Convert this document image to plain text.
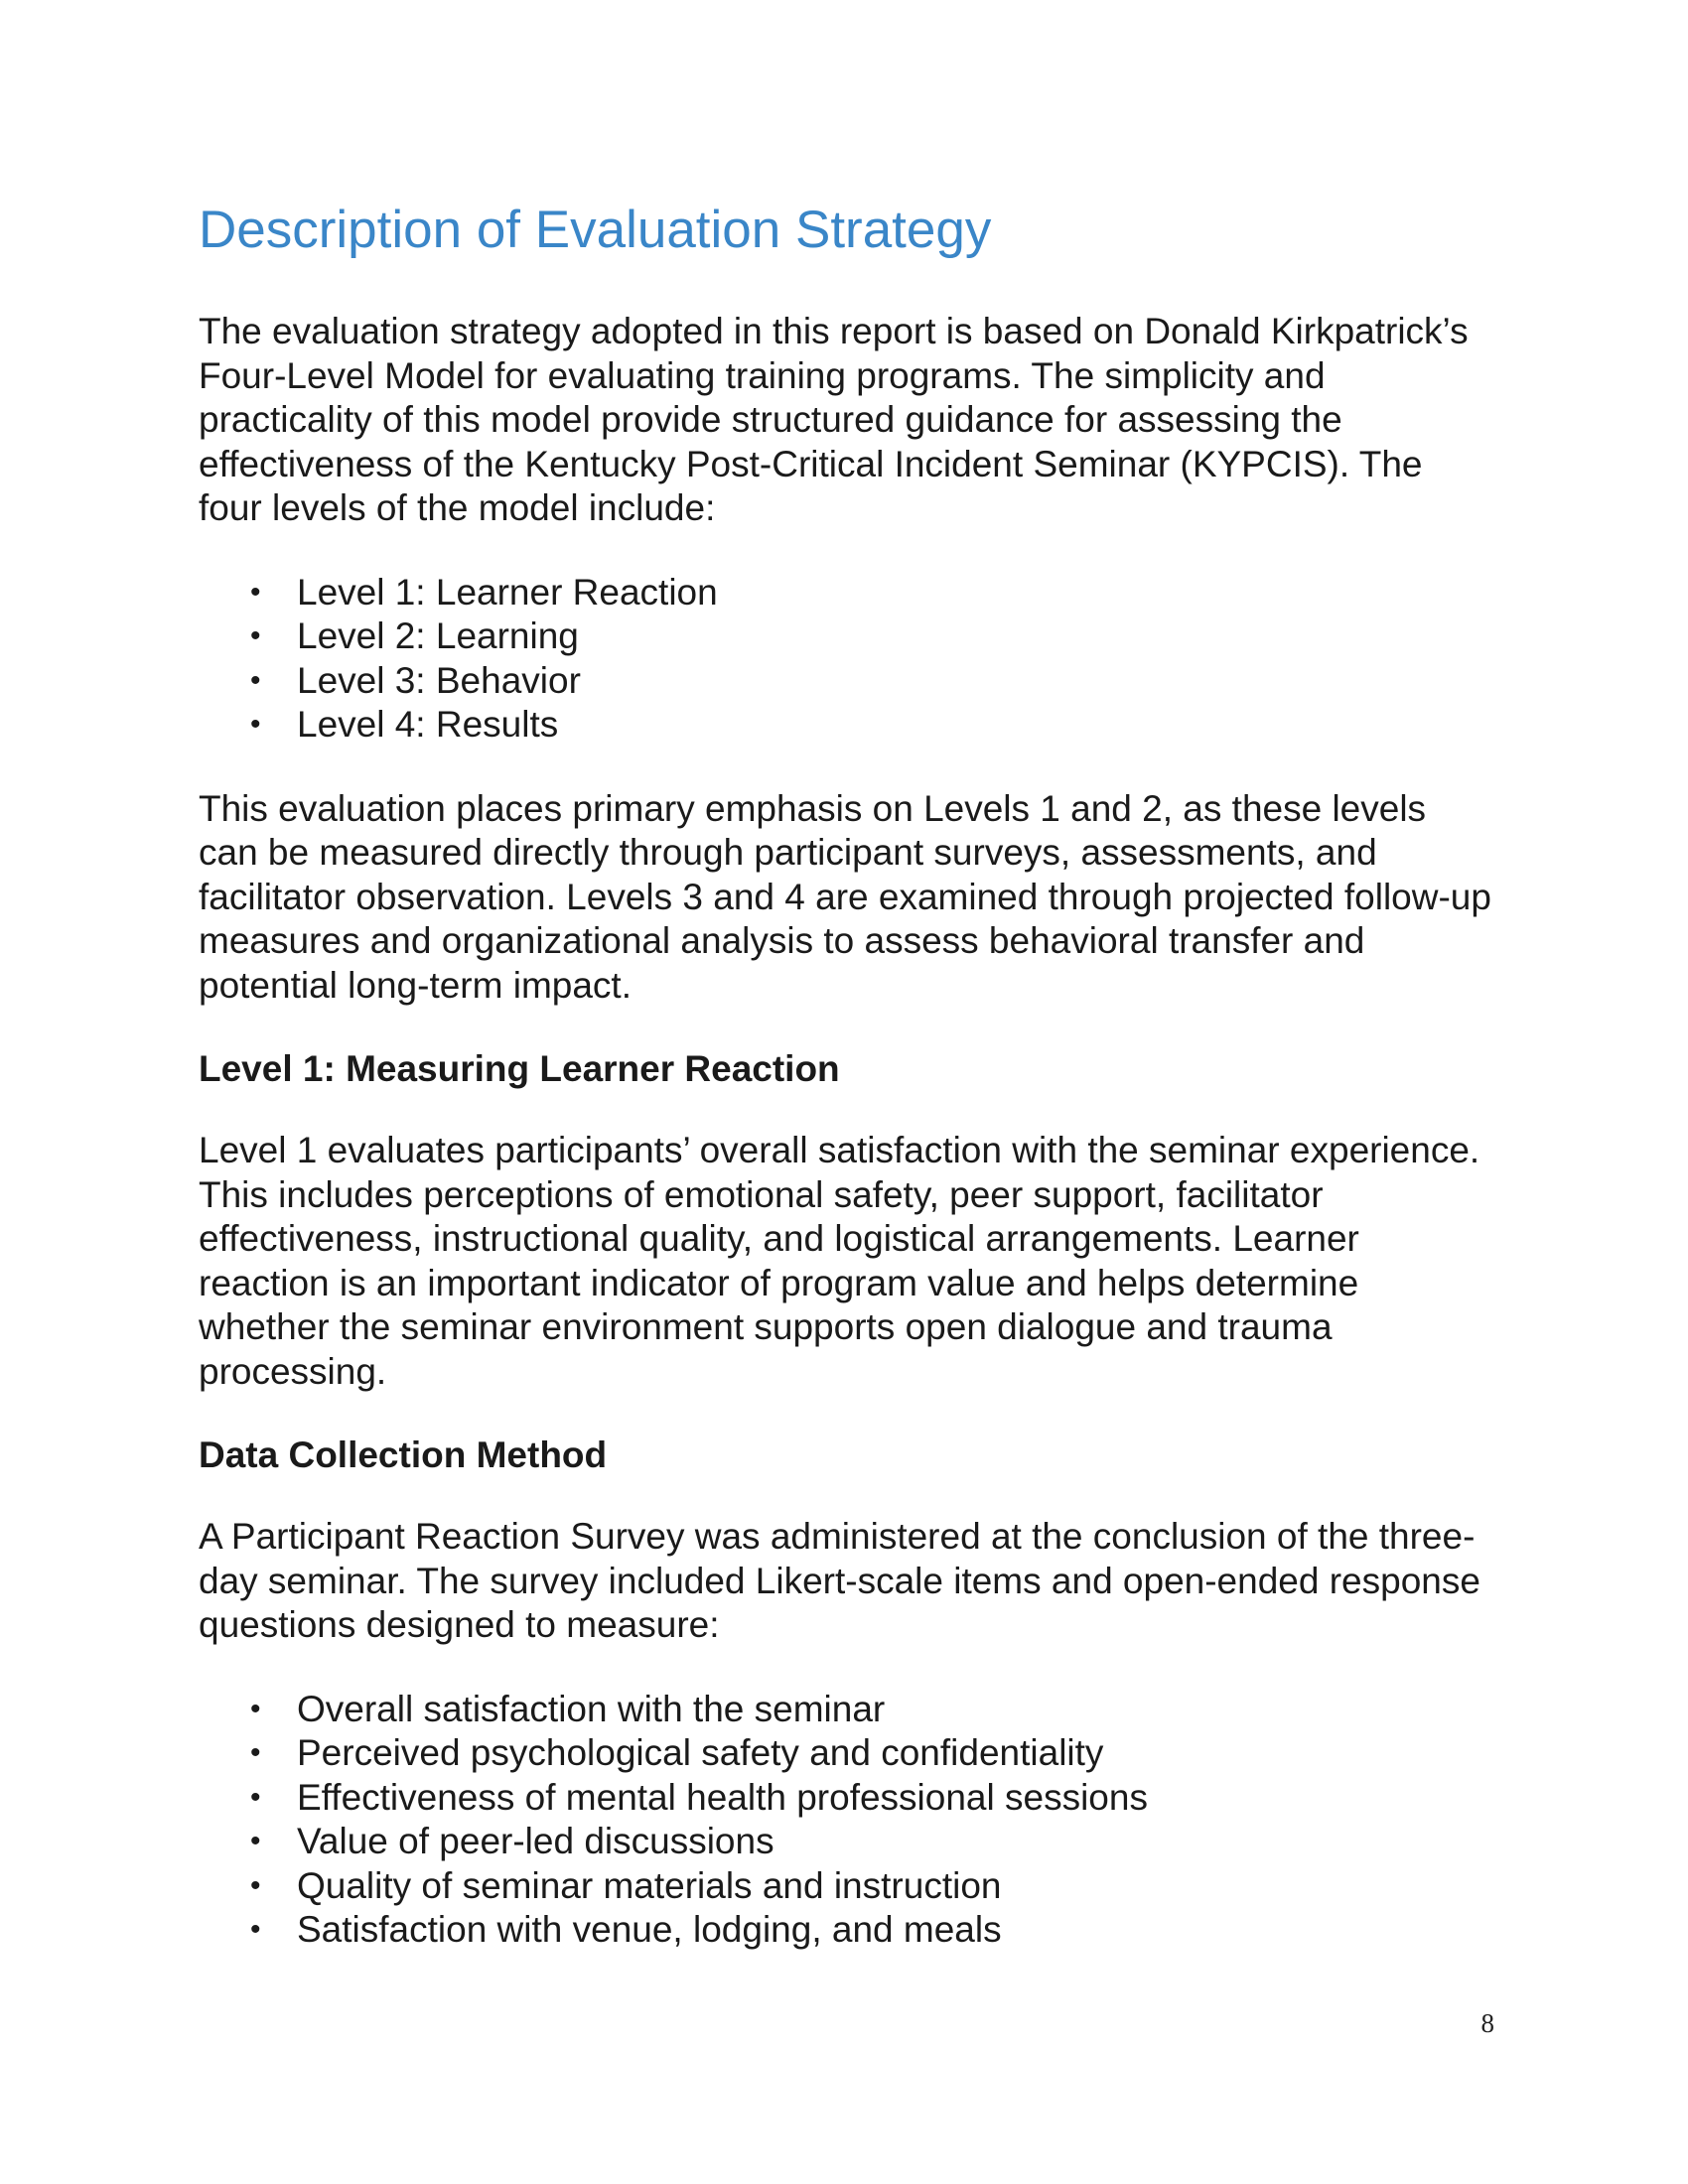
Description of Evaluation Strategy

The evaluation strategy adopted in this report is based on Donald Kirkpatrick’s Four-Level Model for evaluating training programs. The simplicity and practicality of this model provide structured guidance for assessing the effectiveness of the Kentucky Post-Critical Incident Seminar (KYPCIS). The four levels of the model include:

• Level 1: Learner Reaction
• Level 2: Learning
• Level 3: Behavior
• Level 4: Results

This evaluation places primary emphasis on Levels 1 and 2, as these levels can be measured directly through participant surveys, assessments, and facilitator observation. Levels 3 and 4 are examined through projected follow-up measures and organizational analysis to assess behavioral transfer and potential long-term impact.

Level 1: Measuring Learner Reaction

Level 1 evaluates participants’ overall satisfaction with the seminar experience. This includes perceptions of emotional safety, peer support, facilitator effectiveness, instructional quality, and logistical arrangements. Learner reaction is an important indicator of program value and helps determine whether the seminar environment supports open dialogue and trauma processing.

Data Collection Method

A Participant Reaction Survey was administered at the conclusion of the three-day seminar. The survey included Likert-scale items and open-ended response questions designed to measure:

• Overall satisfaction with the seminar
• Perceived psychological safety and confidentiality
• Effectiveness of mental health professional sessions
• Value of peer-led discussions
• Quality of seminar materials and instruction
• Satisfaction with venue, lodging, and meals
8
